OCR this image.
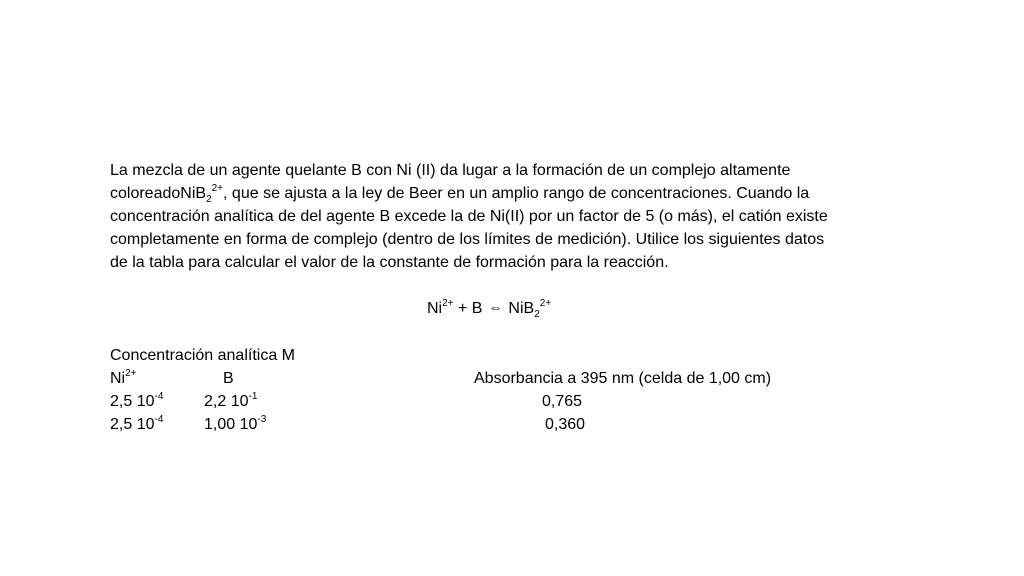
La mezcla de un agente quelante B con Ni (II) da lugar a la formación de un complejo altamente
coloreadoNiB$_2^{2+}$, que se ajusta a la ley de Beer en un amplio rango de concentraciones. Cuando la
concentración analítica de del agente B excede la de Ni(II) por un factor de 5 (o más), el catión existe
completamente en forma de complejo (dentro de los límites de medición). Utilice los siguientes datos
de la tabla para calcular el valor de la constante de formación para la reacción.

$Ni^{2+} + B$ ⇔ NiB$_2^{2+}$
Concentración analítica M
$Ni^{2+}$	B	Absorbancia a 395 nm (celda de 1,00 cm)
2,5 $10^{-4}$	2,2 $10^{-1}$	0,765
2,5 $10^{-4}$	1,00 $10^{-3}$	0,360
